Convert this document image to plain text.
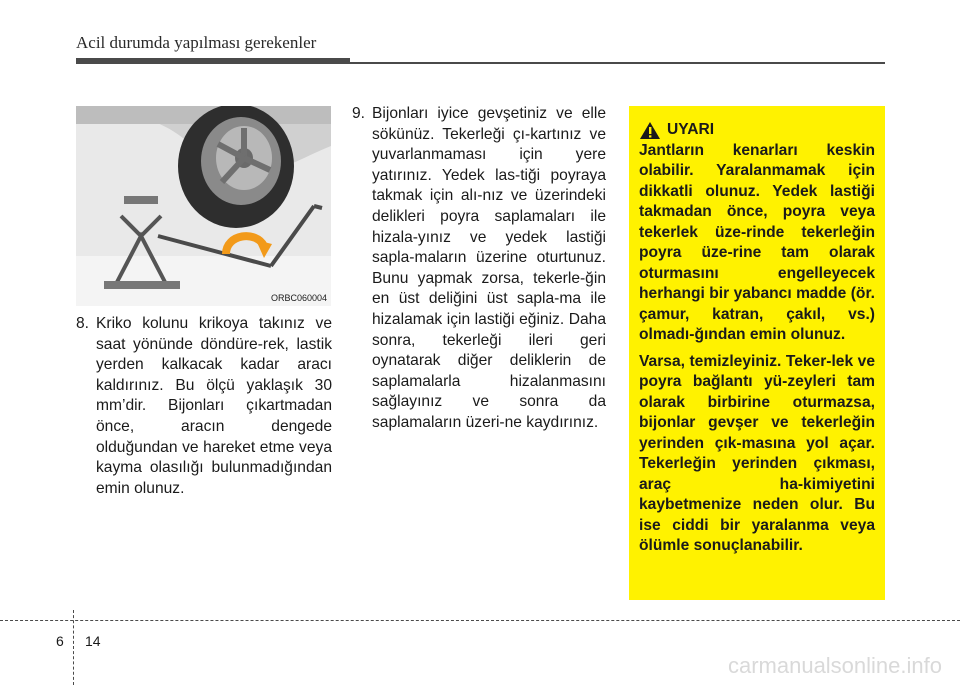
Acil durumda yapılması gerekenler
ORBC060004
8. Kriko kolunu krikoya takınız ve saat yönünde döndüre-rek, lastik yerden kalkacak kadar aracı kaldırınız. Bu ölçü yaklaşık 30 mm’dir. Bijonları çıkartmadan önce, aracın dengede olduğundan ve hareket etme veya kayma olasılığı bulunmadığından emin olunuz.
9. Bijonları iyice gevşetiniz ve elle sökünüz. Tekerleği çı-kartınız ve yuvarlanmaması için yere yatırınız. Yedek las-tiği poyraya takmak için alı-nız ve üzerindeki delikleri poyra saplamaları ile hizala-yınız ve yedek lastiği sapla-maların üzerine oturtunuz. Bunu yapmak zorsa, tekerle-ğin en üst deliğini üst sapla-ma ile hizalamak için lastiği eğiniz. Daha sonra, tekerleği ileri geri oynatarak diğer deliklerin de saplamalarla hizalanmasını sağlayınız ve sonra da saplamaların üzeri-ne kaydırınız.
UYARI

Jantların kenarları keskin olabilir. Yaralanmamak için dikkatli olunuz. Yedek lastiği takmadan önce, poyra veya tekerlek üze-rinde tekerleğin poyra üze-rine tam olarak oturmasını engelleyecek herhangi bir yabancı madde (ör. çamur, katran, çakıl, vs.) olmadı-ğından emin olunuz.

Varsa, temizleyiniz. Teker-lek ve poyra bağlantı yü-zeyleri tam olarak birbirine oturmazsa, bijonlar gevşer ve tekerleğin yerinden çık-masına yol açar. Tekerleğin yerinden çıkması, araç ha-kimiyetini kaybetmenize neden olur. Bu ise ciddi bir yaralanma veya ölümle sonuçlanabilir.

6 14
carmanualsonline.info
